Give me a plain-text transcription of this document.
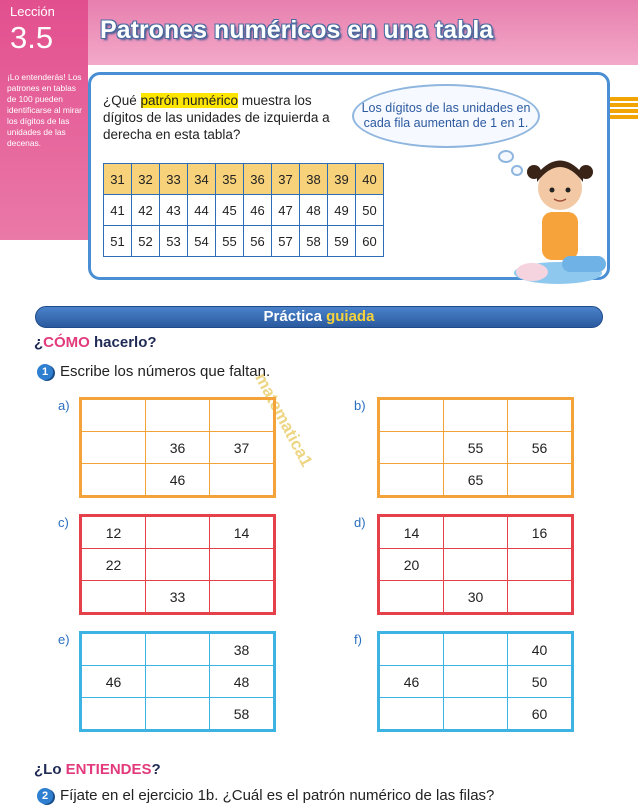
Lección
3.5
¡Lo entenderás! Los patrones en tablas de 100 pueden identificarse al mirar los dígitos de las unidades de las decenas.
Patrones numéricos en una tabla
¿Qué patrón numérico muestra los dígitos de las unidades de izquierda a derecha en esta tabla?
Los dígitos de las unidades en cada fila aumentan de 1 en 1.
31	32	33	34	35	36	37	38	39	40
41	42	43	44	45	46	47	48	49	50
51	52	53	54	55	56	57	58	59	60
Práctica guiada
¿CÓMO hacerlo?
1 Escribe los números que faltan.
matematica1
a)

	36	37
	46	
b)

	55	56
	65	
c)
12		14
22		
	33	
d)
14		16
20		
	30	
e)
		38
46		48
		58
f)
		40
46		50
		60
¿Lo ENTIENDES?
2 Fíjate en el ejercicio 1b. ¿Cuál es el patrón numérico de las filas?
